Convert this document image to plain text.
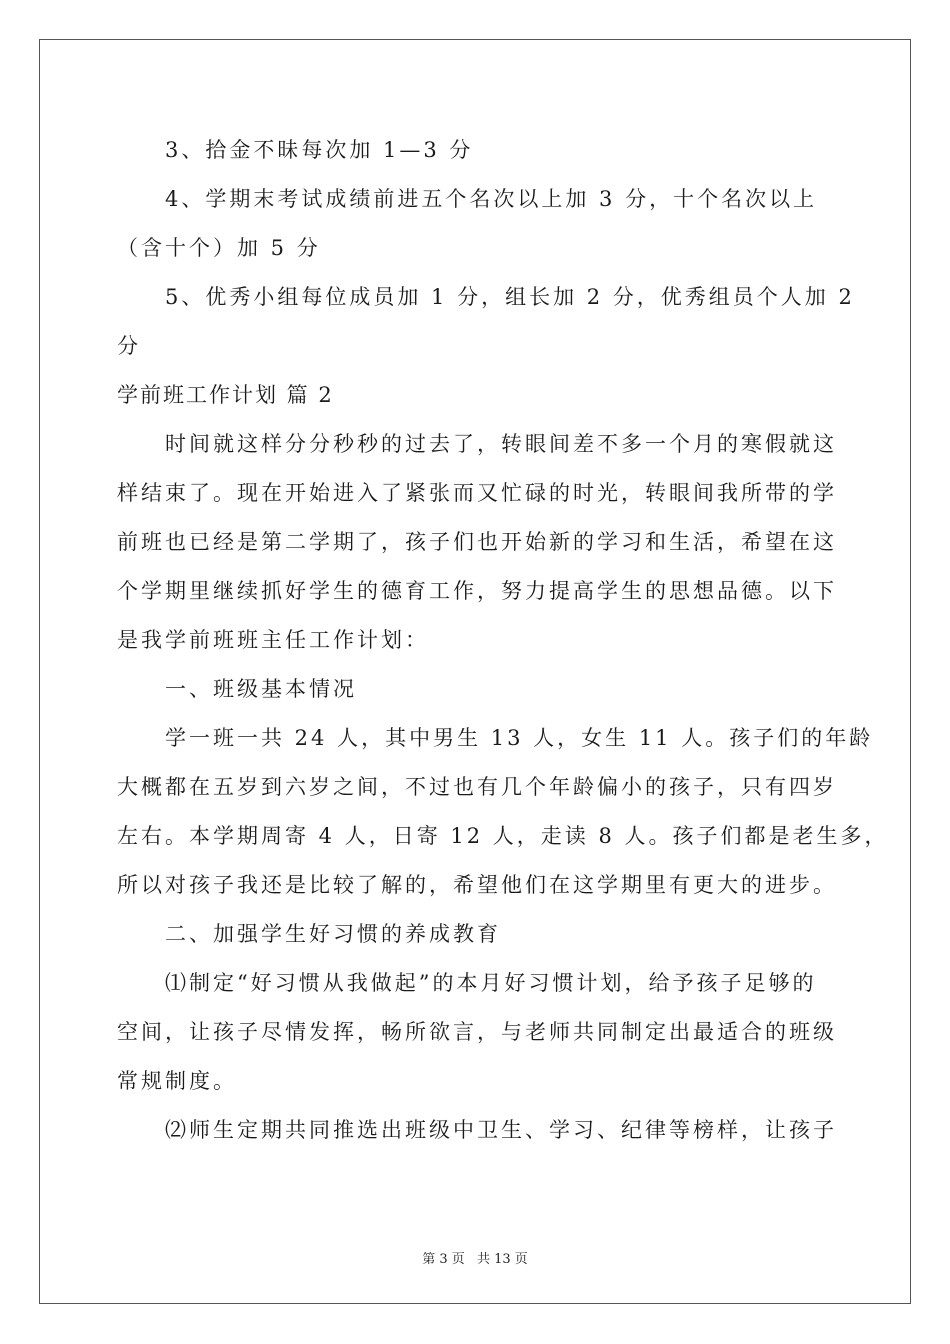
3、拾金不昧每次加 1—3 分
4、学期末考试成绩前进五个名次以上加 3 分，十个名次以上
（含十个）加 5 分
5、优秀小组每位成员加 1 分，组长加 2 分，优秀组员个人加 2
分
学前班工作计划 篇 2
时间就这样分分秒秒的过去了，转眼间差不多一个月的寒假就这
样结束了。现在开始进入了紧张而又忙碌的时光，转眼间我所带的学
前班也已经是第二学期了，孩子们也开始新的学习和生活，希望在这
个学期里继续抓好学生的德育工作，努力提高学生的思想品德。以下
是我学前班班主任工作计划：
一、班级基本情况
学一班一共 24 人，其中男生 13 人，女生 11 人。孩子们的年龄
大概都在五岁到六岁之间，不过也有几个年龄偏小的孩子，只有四岁
左右。本学期周寄 4 人，日寄 12 人，走读 8 人。孩子们都是老生多，
所以对孩子我还是比较了解的，希望他们在这学期里有更大的进步。
二、加强学生好习惯的养成教育
⑴制定“好习惯从我做起”的本月好习惯计划，给予孩子足够的
空间，让孩子尽情发挥，畅所欲言，与老师共同制定出最适合的班级
常规制度。
⑵师生定期共同推选出班级中卫生、学习、纪律等榜样，让孩子
第 3 页 共 13 页
